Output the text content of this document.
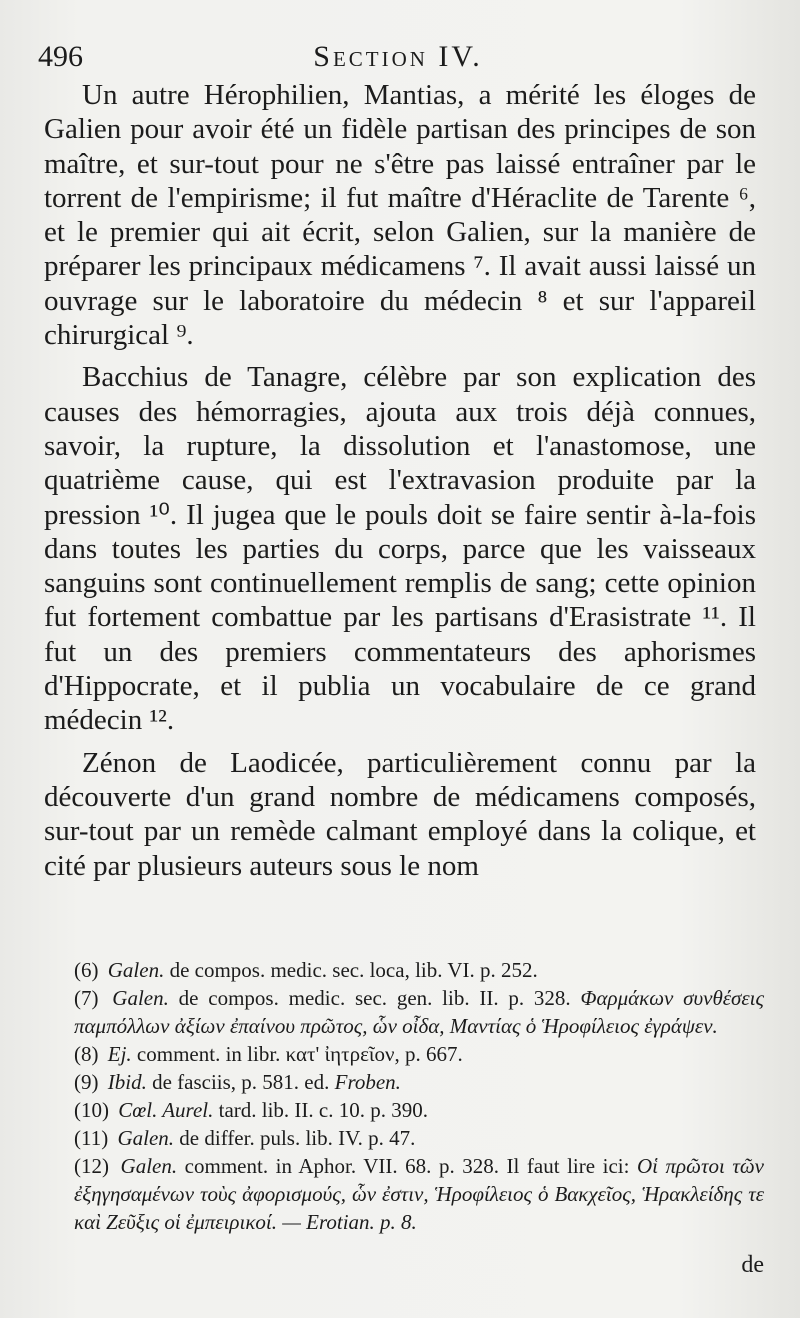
496	Section IV.

Un autre Hérophilien, Mantias, a mérité les éloges de Galien pour avoir été un fidèle partisan des principes de son maître, et sur-tout pour ne s'être pas laissé entraîner par le torrent de l'empirisme; il fut maître d'Héraclite de Tarente ⁶, et le premier qui ait écrit, selon Galien, sur la manière de préparer les principaux médicamens ⁷. Il avait aussi laissé un ouvrage sur le laboratoire du médecin ⁸ et sur l'appareil chirurgical ⁹.

Bacchius de Tanagre, célèbre par son explication des causes des hémorragies, ajouta aux trois déjà connues, savoir, la rupture, la dissolution et l'anastomose, une quatrième cause, qui est l'extravasion produite par la pression ¹⁰. Il jugea que le pouls doit se faire sentir à-la-fois dans toutes les parties du corps, parce que les vaisseaux sanguins sont continuellement remplis de sang; cette opinion fut fortement combattue par les partisans d'Erasistrate ¹¹. Il fut un des premiers commentateurs des aphorismes d'Hippocrate, et il publia un vocabulaire de ce grand médecin ¹².

Zénon de Laodicée, particulièrement connu par la découverte d'un grand nombre de médicamens composés, sur-tout par un remède calmant employé dans la colique, et cité par plusieurs auteurs sous le nom

(6) Galen. de compos. medic. sec. loca, lib. VI. p. 252.

(7) Galen. de compos. medic. sec. gen. lib. II. p. 328. Φαρμάκων συνθέσεις παμπόλλων ἀξίων ἐπαίνου πρῶτος, ὧν οἶδα, Μαντίας ὁ Ἡροφίλειος ἐγράψεν.

(8) Ej. comment. in libr. κατ' ἰητρεῖον, p. 667.

(9) Ibid. de fasciis, p. 581. ed. Froben.

(10) Cœl. Aurel. tard. lib. II. c. 10. p. 390.

(11) Galen. de differ. puls. lib. IV. p. 47.

(12) Galen. comment. in Aphor. VII. 68. p. 328. Il faut lire ici: Οἱ πρῶτοι τῶν ἐξηγησαμένων τοὺς ἀφορισμούς, ὧν ἐστιν, Ἡροφίλειος ὁ Βακχεῖος, Ἡρακλείδης τε καὶ Ζεῦξις οἱ ἐμπειρικοί. — Erotian. p. 8.

de
